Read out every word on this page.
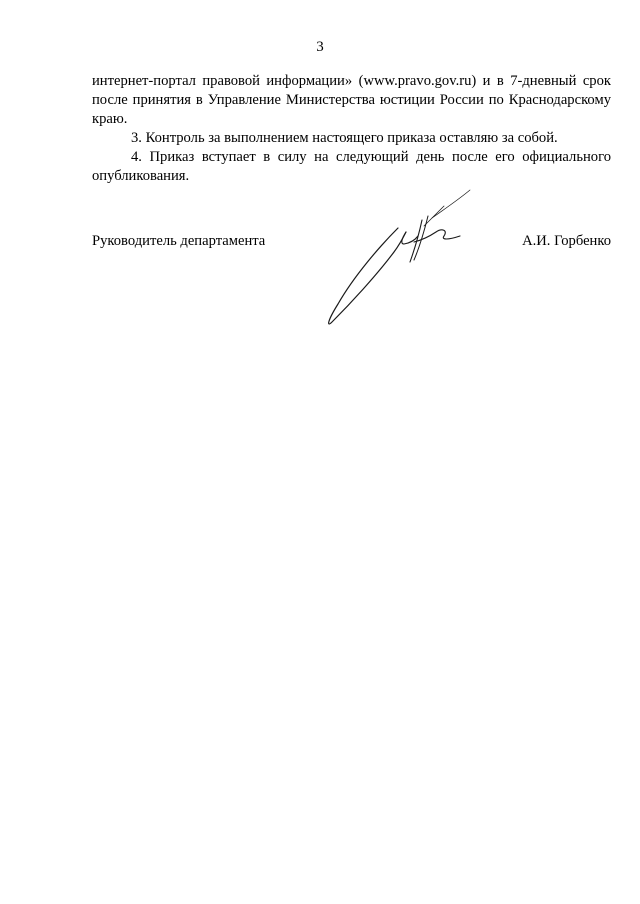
3

интернет-портал правовой информации» (www.pravo.gov.ru) и в 7-дневный срок после принятия в Управление Министерства юстиции России по Краснодарскому краю.

3. Контроль за выполнением настоящего приказа оставляю за собой.

4. Приказ вступает в силу на следующий день после его официального опубликования.

Руководитель департамента	А.И. Горбенко
